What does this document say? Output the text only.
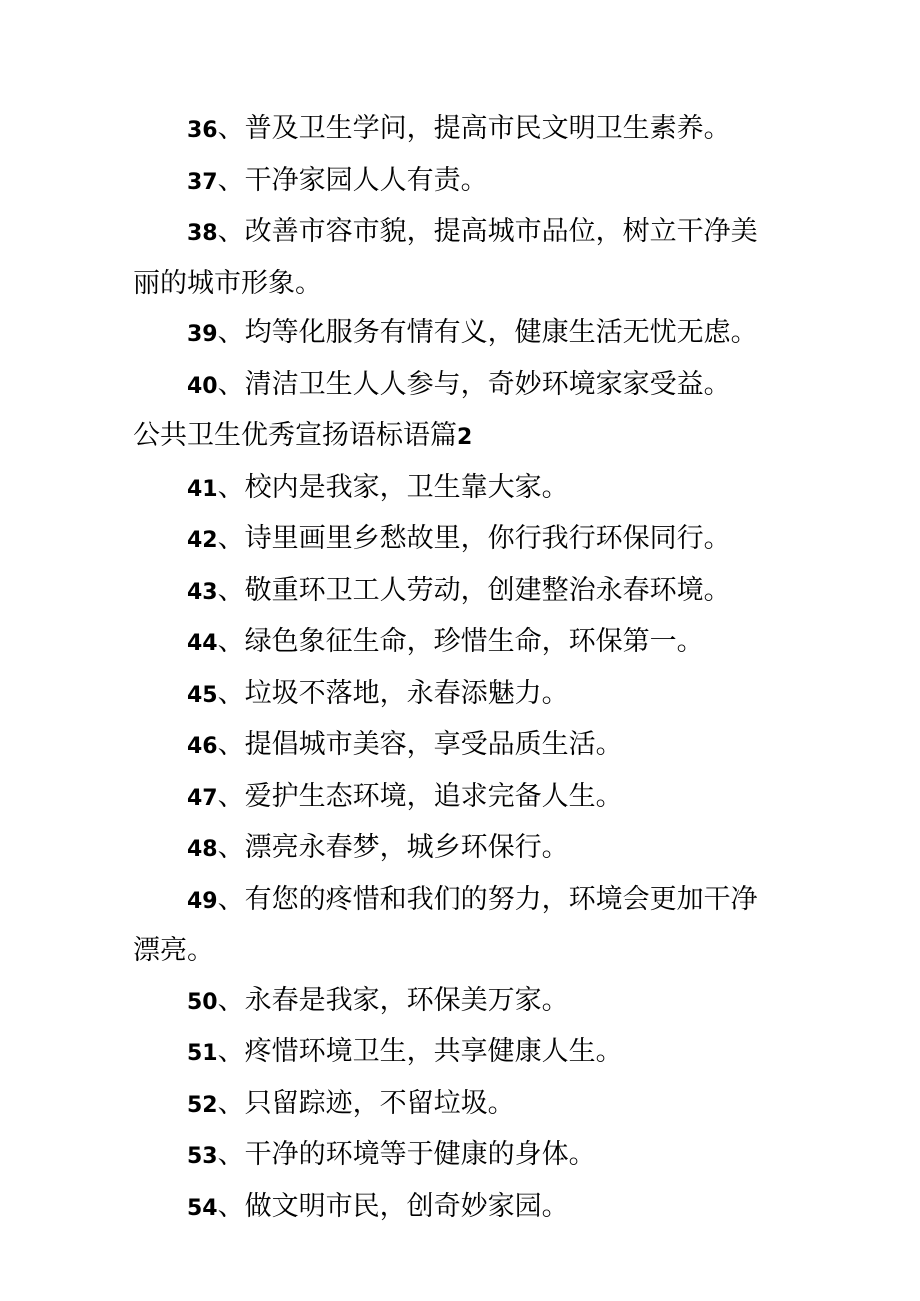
36、普及卫生学问，提高市民文明卫生素养。

37、干净家园人人有责。

38、改善市容市貌，提高城市品位，树立干净美丽的城市形象。

39、均等化服务有情有义，健康生活无忧无虑。

40、清洁卫生人人参与，奇妙环境家家受益。

公共卫生优秀宣扬语标语篇2

41、校内是我家，卫生靠大家。

42、诗里画里乡愁故里，你行我行环保同行。

43、敬重环卫工人劳动，创建整治永春环境。

44、绿色象征生命，珍惜生命，环保第一。

45、垃圾不落地，永春添魅力。

46、提倡城市美容，享受品质生活。

47、爱护生态环境，追求完备人生。

48、漂亮永春梦，城乡环保行。

49、有您的疼惜和我们的努力，环境会更加干净漂亮。

50、永春是我家，环保美万家。

51、疼惜环境卫生，共享健康人生。

52、只留踪迹，不留垃圾。

53、干净的环境等于健康的身体。

54、做文明市民，创奇妙家园。
